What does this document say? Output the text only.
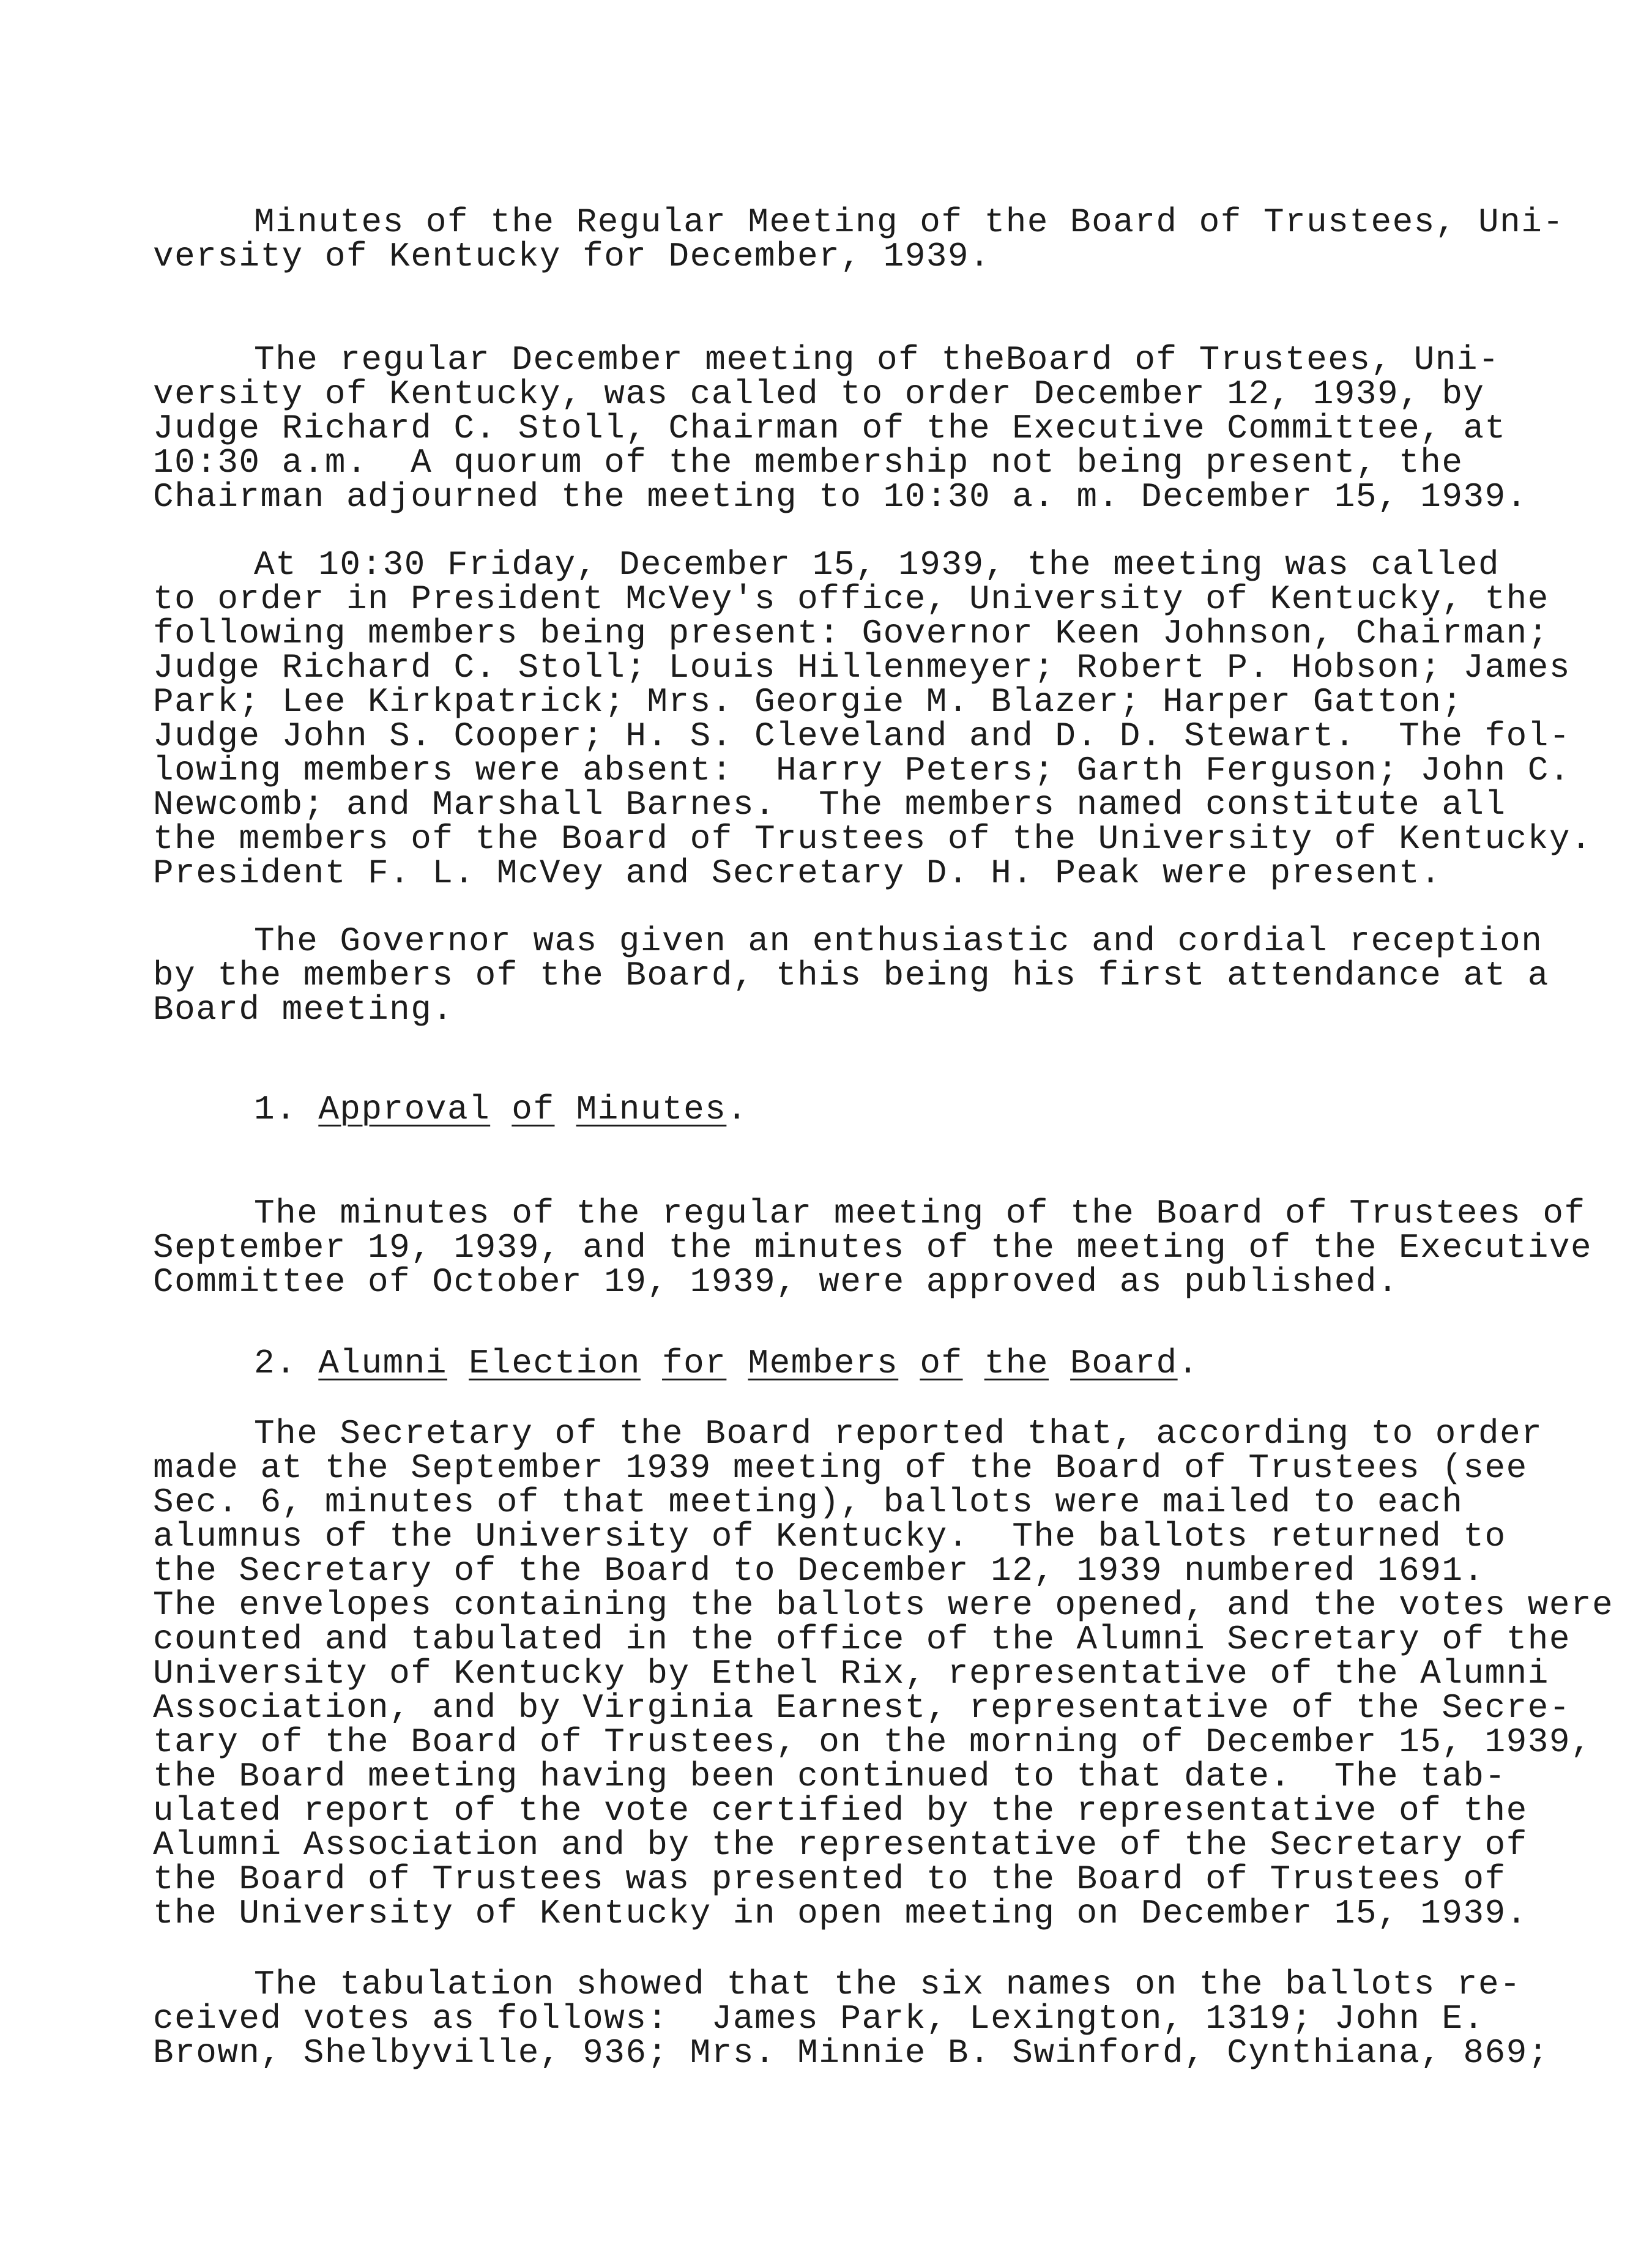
Minutes of the Regular Meeting of the Board of Trustees, Uni-
versity of Kentucky for December, 1939.
The regular December meeting of theBoard of Trustees, Uni-
versity of Kentucky, was called to order December 12, 1939, by
Judge Richard C. Stoll, Chairman of the Executive Committee, at
10:30 a.m.  A quorum of the membership not being present, the
Chairman adjourned the meeting to 10:30 a. m. December 15, 1939.
At 10:30 Friday, December 15, 1939, the meeting was called
to order in President McVey's office, University of Kentucky, the
following members being present: Governor Keen Johnson, Chairman;
Judge Richard C. Stoll; Louis Hillenmeyer; Robert P. Hobson; James
Park; Lee Kirkpatrick; Mrs. Georgie M. Blazer; Harper Gatton;
Judge John S. Cooper; H. S. Cleveland and D. D. Stewart.  The fol-
lowing members were absent:  Harry Peters; Garth Ferguson; John C.
Newcomb; and Marshall Barnes.  The members named constitute all
the members of the Board of Trustees of the University of Kentucky.
President F. L. McVey and Secretary D. H. Peak were present.
The Governor was given an enthusiastic and cordial reception
by the members of the Board, this being his first attendance at a
Board meeting.

1. Approval of Minutes.

The minutes of the regular meeting of the Board of Trustees of
September 19, 1939, and the minutes of the meeting of the Executive
Committee of October 19, 1939, were approved as published.

2. Alumni Election for Members of the Board.

The Secretary of the Board reported that, according to order
made at the September 1939 meeting of the Board of Trustees (see
Sec. 6, minutes of that meeting), ballots were mailed to each
alumnus of the University of Kentucky.  The ballots returned to
the Secretary of the Board to December 12, 1939 numbered 1691.
The envelopes containing the ballots were opened, and the votes were
counted and tabulated in the office of the Alumni Secretary of the
University of Kentucky by Ethel Rix, representative of the Alumni
Association, and by Virginia Earnest, representative of the Secre-
tary of the Board of Trustees, on the morning of December 15, 1939,
the Board meeting having been continued to that date.  The tab-
ulated report of the vote certified by the representative of the
Alumni Association and by the representative of the Secretary of
the Board of Trustees was presented to the Board of Trustees of
the University of Kentucky in open meeting on December 15, 1939.
The tabulation showed that the six names on the ballots re-
ceived votes as follows:  James Park, Lexington, 1319; John E.
Brown, Shelbyville, 936; Mrs. Minnie B. Swinford, Cynthiana, 869;
